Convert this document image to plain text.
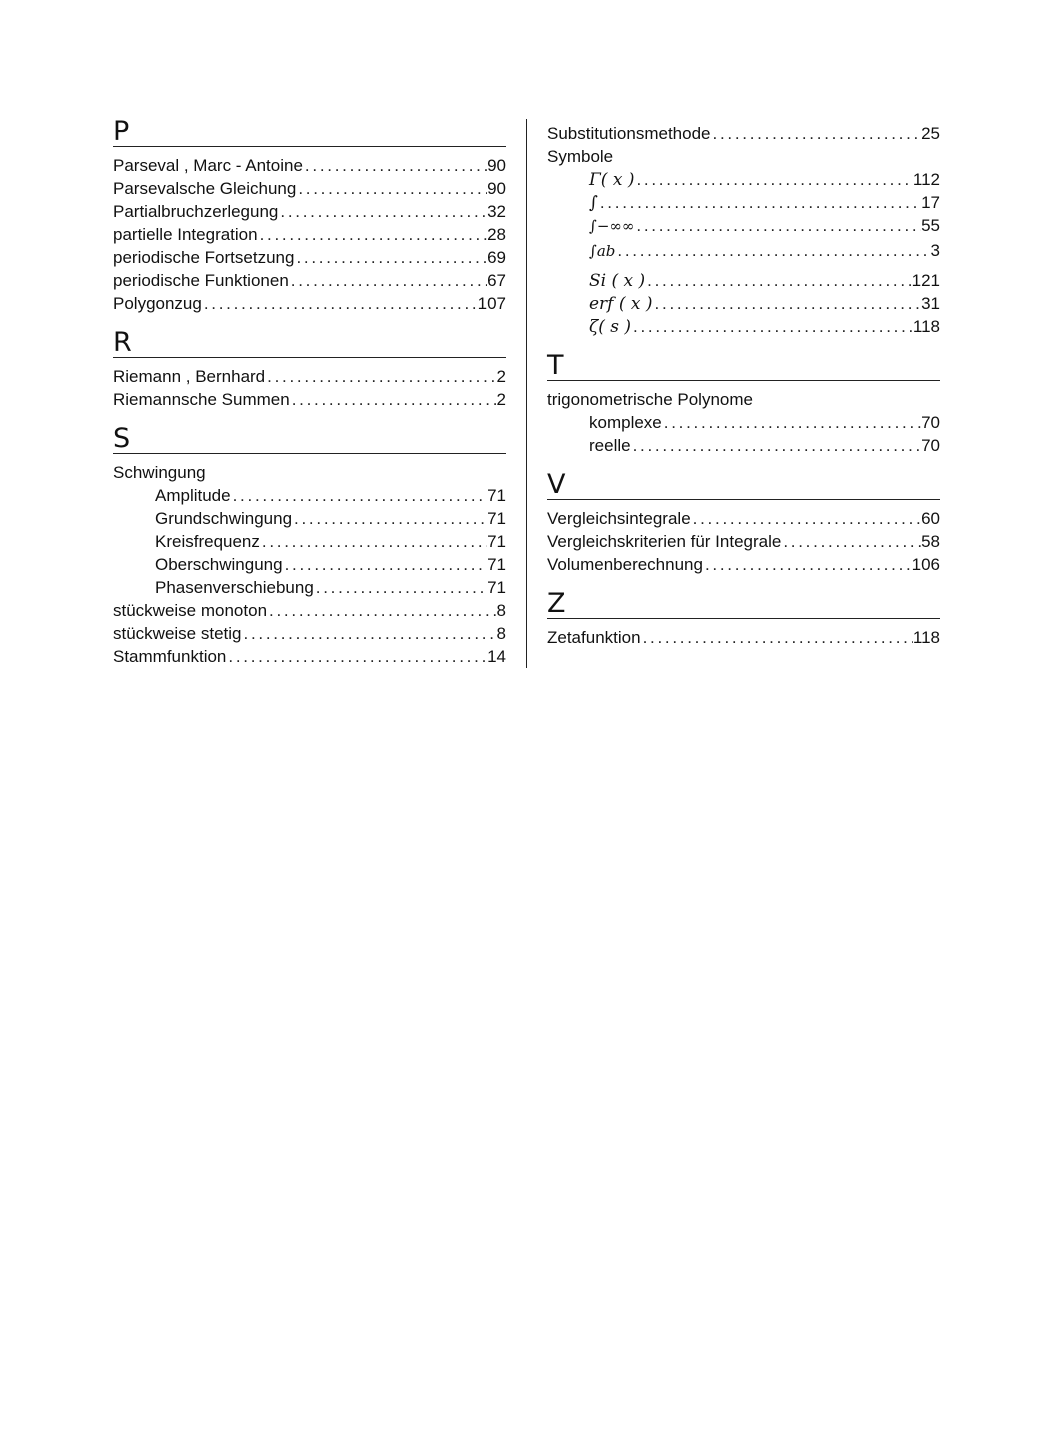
P
Parseval , Marc - Antoine . . .	90
Parsevalsche Gleichung . . .	90
Partialbruchzerlegung . . .	32
partielle Integration . . .	28
periodische Fortsetzung . . .	69
periodische Funktionen . . .	67
Polygonzug . . .	107
R
Riemann , Bernhard . . .	2
Riemannsche Summen . . .	2
S
Schwingung
Amplitude . . .	71
Grundschwingung . . .	71
Kreisfrequenz . . .	71
Oberschwingung . . .	71
Phasenverschiebung . . .	71
stückweise monoton . . .	8
stückweise stetig . . .	8
Stammfunktion . . .	14
Substitutionsmethode . . .	25
Symbole
Γ( x ) . . .	112
∫ . . .	17
∫−∞∞ . . .	55
∫ab . . .	3
Si ( x ) . . .	121
erf ( x ) . . .	31
ζ( s ) . . .	118
T
trigonometrische Polynome
komplexe . . .	70
reelle . . .	70
V
Vergleichsintegrale . . .	60
Vergleichskriterien für Integrale . . .	58
Volumenberechnung . . .	106
Z
Zetafunktion . . .	118
